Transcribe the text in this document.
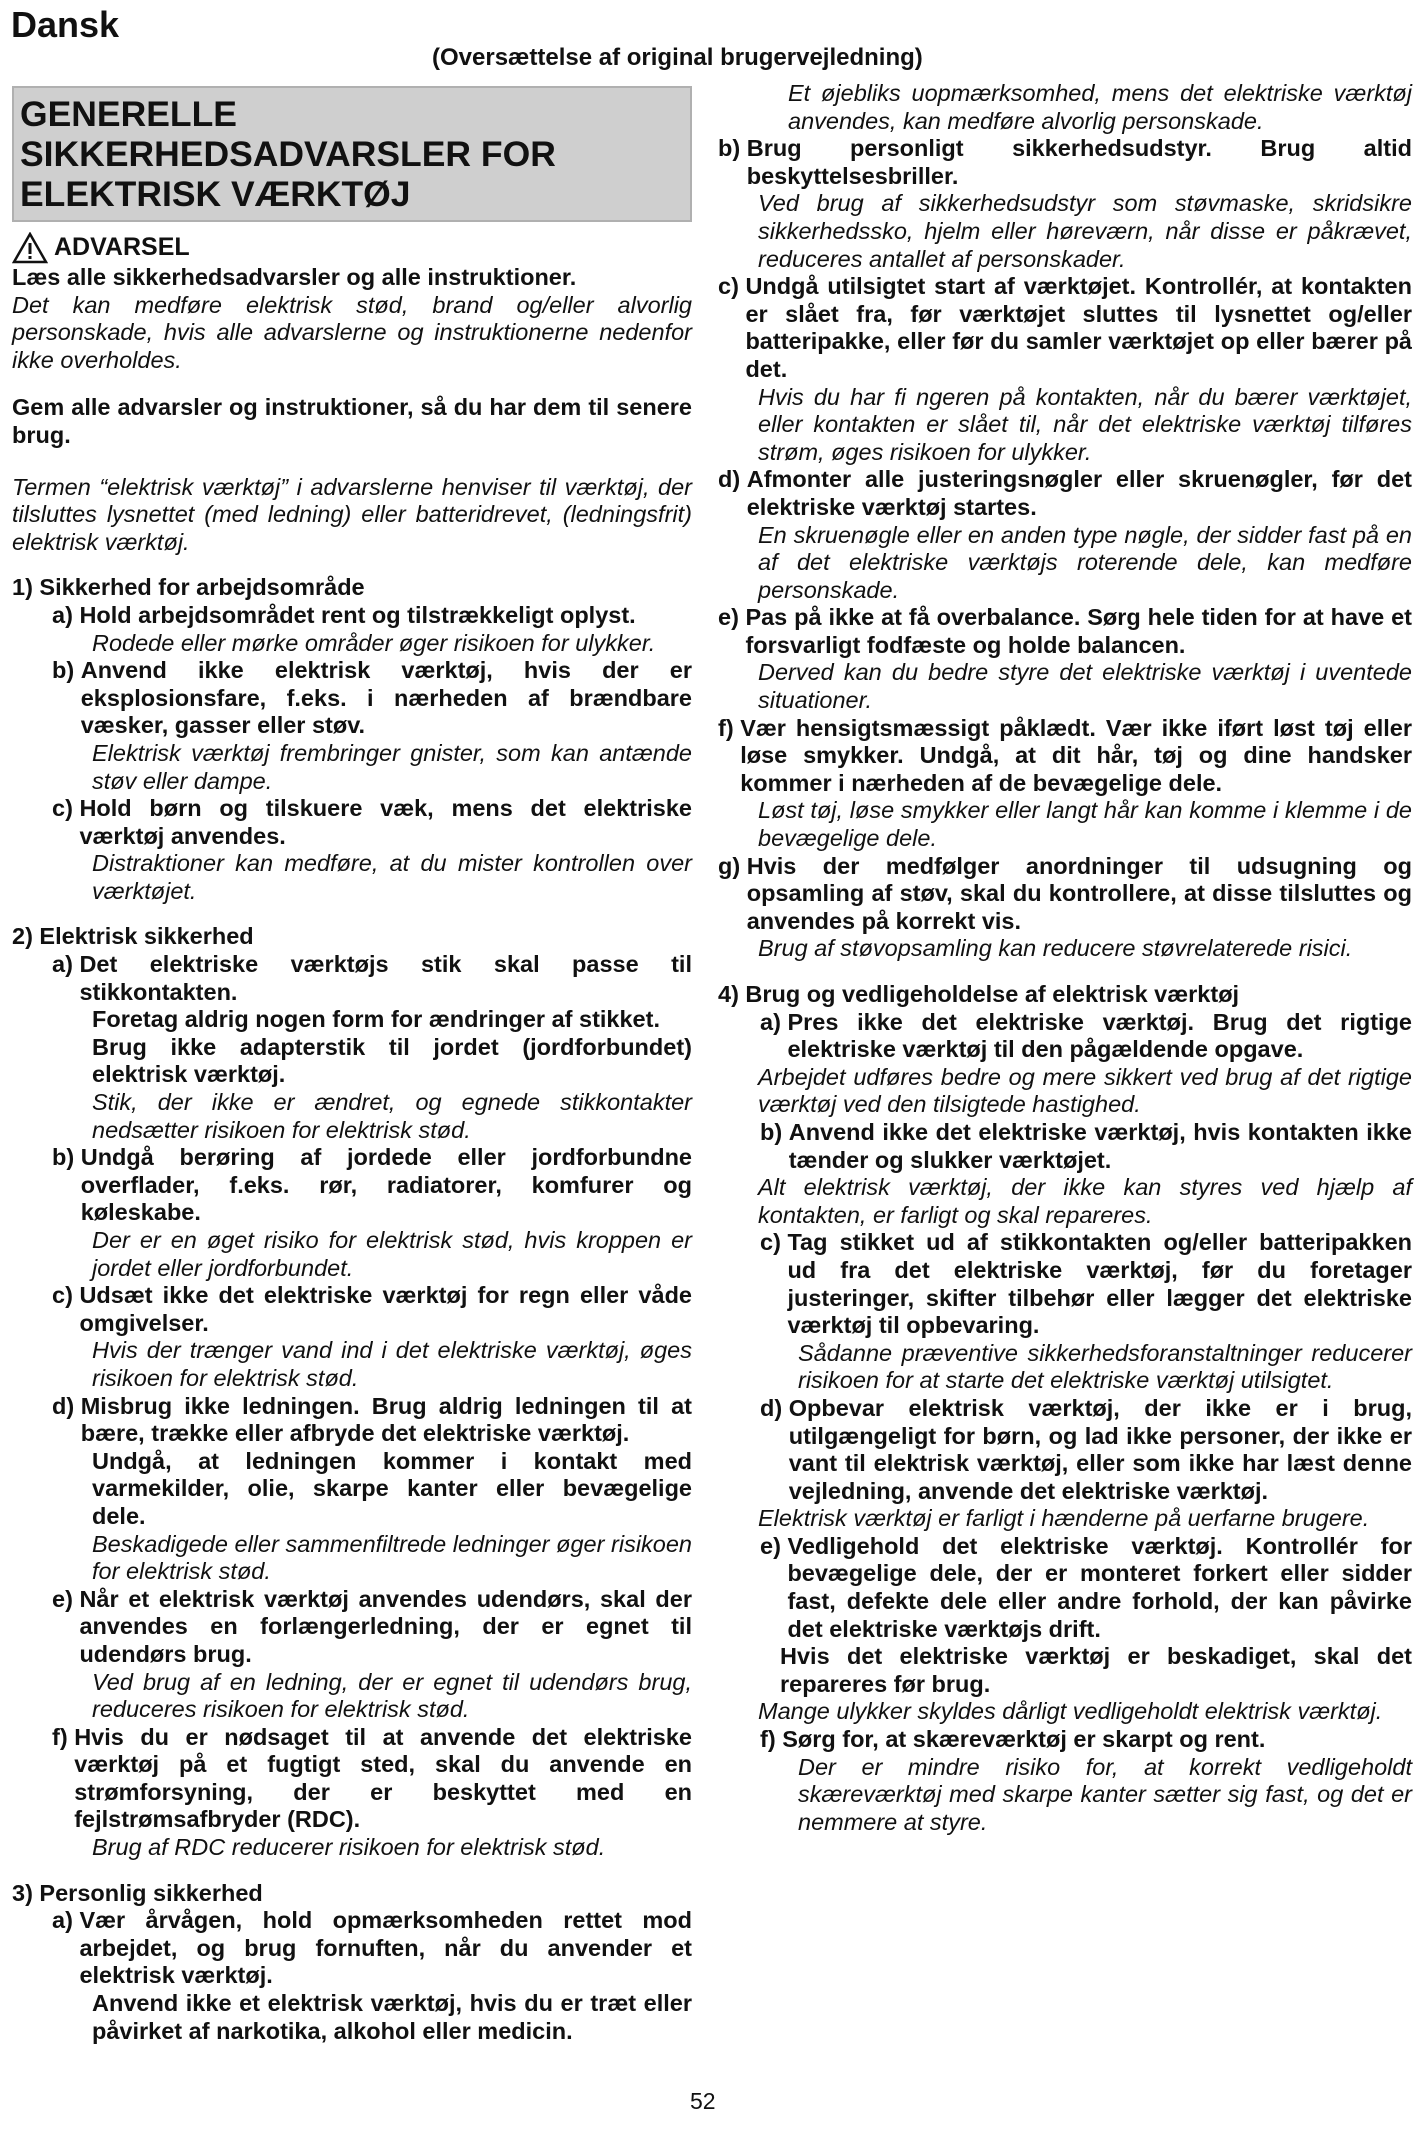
Dansk
(Oversættelse af original brugervejledning)
GENERELLE SIKKERHEDSADVARSLER FOR ELEKTRISK VÆRKTØJ
ADVARSEL
Læs alle sikkerhedsadvarsler og alle instruktioner.
Det kan medføre elektrisk stød, brand og/eller alvorlig personskade, hvis alle advarslerne og instruktionerne nedenfor ikke overholdes.
Gem alle advarsler og instruktioner, så du har dem til senere brug.
Termen “elektrisk værktøj” i advarslerne henviser til værktøj, der tilsluttes lysnettet (med ledning) eller batteridrevet, (ledningsfrit) elektrisk værktøj.
1) Sikkerhed for arbejdsområde
a)
Hold arbejdsområdet rent og tilstrækkeligt oplyst.
Rodede eller mørke områder øger risikoen for ulykker.
b)
Anvend ikke elektrisk værktøj, hvis der er eksplosionsfare, f.eks. i nærheden af brændbare væsker, gasser eller støv.
Elektrisk værktøj frembringer gnister, som kan antænde støv eller dampe.
c)
Hold børn og tilskuere væk, mens det elektriske værktøj anvendes.
Distraktioner kan medføre, at du mister kontrollen over værktøjet.
2) Elektrisk sikkerhed
a)
Det elektriske værktøjs stik skal passe til stikkontakten.
Foretag aldrig nogen form for ændringer af stikket.
Brug ikke adapterstik til jordet (jordforbundet) elektrisk værktøj.
Stik, der ikke er ændret, og egnede stikkontakter nedsætter risikoen for elektrisk stød.
b)
Undgå berøring af jordede eller jordforbundne overflader, f.eks. rør, radiatorer, komfurer og køleskabe.
Der er en øget risiko for elektrisk stød, hvis kroppen er jordet eller jordforbundet.
c)
Udsæt ikke det elektriske værktøj for regn eller våde omgivelser.
Hvis der trænger vand ind i det elektriske værktøj, øges risikoen for elektrisk stød.
d)
Misbrug ikke ledningen. Brug aldrig ledningen til at bære, trække eller afbryde det elektriske værktøj.
Undgå, at ledningen kommer i kontakt med varmekilder, olie, skarpe kanter eller bevægelige dele.
Beskadigede eller sammenfiltrede ledninger øger risikoen for elektrisk stød.
e)
Når et elektrisk værktøj anvendes udendørs, skal der anvendes en forlængerledning, der er egnet til udendørs brug.
Ved brug af en ledning, der er egnet til udendørs brug, reduceres risikoen for elektrisk stød.
f)
Hvis du er nødsaget til at anvende det elektriske værktøj på et fugtigt sted, skal du anvende en strømforsyning, der er beskyttet med en fejlstrømsafbryder (RDC).
Brug af RDC reducerer risikoen for elektrisk stød.
3) Personlig sikkerhed
a)
Vær årvågen, hold opmærksomheden rettet mod arbejdet, og brug fornuften, når du anvender et elektrisk værktøj.
Anvend ikke et elektrisk værktøj, hvis du er træt eller påvirket af narkotika, alkohol eller medicin.
Et øjebliks uopmærksomhed, mens det elektriske værktøj anvendes, kan medføre alvorlig personskade.
b)
Brug personligt sikkerhedsudstyr. Brug altid beskyttelsesbriller.
Ved brug af sikkerhedsudstyr som støvmaske, skridsikre sikkerhedssko, hjelm eller høreværn, når disse er påkrævet, reduceres antallet af personskader.
c)
Undgå utilsigtet start af værktøjet. Kontrollér, at kontakten er slået fra, før værktøjet sluttes til lysnettet og/eller batteripakke, eller før du samler værktøjet op eller bærer på det.
Hvis du har fi ngeren på kontakten, når du bærer værktøjet, eller kontakten er slået til, når det elektriske værktøj tilføres strøm, øges risikoen for ulykker.
d)
Afmonter alle justeringsnøgler eller skruenøgler, før det elektriske værktøj startes.
En skruenøgle eller en anden type nøgle, der sidder fast på en af det elektriske værktøjs roterende dele, kan medføre personskade.
e)
Pas på ikke at få overbalance. Sørg hele tiden for at have et forsvarligt fodfæste og holde balancen.
Derved kan du bedre styre det elektriske værktøj i uventede situationer.
f)
Vær hensigtsmæssigt påklædt. Vær ikke iført løst tøj eller løse smykker. Undgå, at dit hår, tøj og dine handsker kommer i nærheden af de bevægelige dele.
Løst tøj, løse smykker eller langt hår kan komme i klemme i de bevægelige dele.
g)
Hvis der medfølger anordninger til udsugning og opsamling af støv, skal du kontrollere, at disse tilsluttes og anvendes på korrekt vis.
Brug af støvopsamling kan reducere støvrelaterede risici.
4) Brug og vedligeholdelse af elektrisk værktøj
a)
Pres ikke det elektriske værktøj. Brug det rigtige elektriske værktøj til den pågældende opgave.
Arbejdet udføres bedre og mere sikkert ved brug af det rigtige værktøj ved den tilsigtede hastighed.
b)
Anvend ikke det elektriske værktøj, hvis kontakten ikke tænder og slukker værktøjet.
Alt elektrisk værktøj, der ikke kan styres ved hjælp af kontakten, er farligt og skal repareres.
c)
Tag stikket ud af stikkontakten og/eller batteripakken ud fra det elektriske værktøj, før du foretager justeringer, skifter tilbehør eller lægger det elektriske værktøj til opbevaring.
Sådanne præventive sikkerhedsforanstaltninger reducerer risikoen for at starte det elektriske værktøj utilsigtet.
d)
Opbevar elektrisk værktøj, der ikke er i brug, utilgængeligt for børn, og lad ikke personer, der ikke er vant til elektrisk værktøj, eller som ikke har læst denne vejledning, anvende det elektriske værktøj.
Elektrisk værktøj er farligt i hænderne på uerfarne brugere.
e)
Vedligehold det elektriske værktøj. Kontrollér for bevægelige dele, der er monteret forkert eller sidder fast, defekte dele eller andre forhold, der kan påvirke det elektriske værktøjs drift.
Hvis det elektriske værktøj er beskadiget, skal det repareres før brug.
Mange ulykker skyldes dårligt vedligeholdt elektrisk værktøj.
f)
Sørg for, at skæreværktøj er skarpt og rent.
Der er mindre risiko for, at korrekt vedligeholdt skæreværktøj med skarpe kanter sætter sig fast, og det er nemmere at styre.
52
